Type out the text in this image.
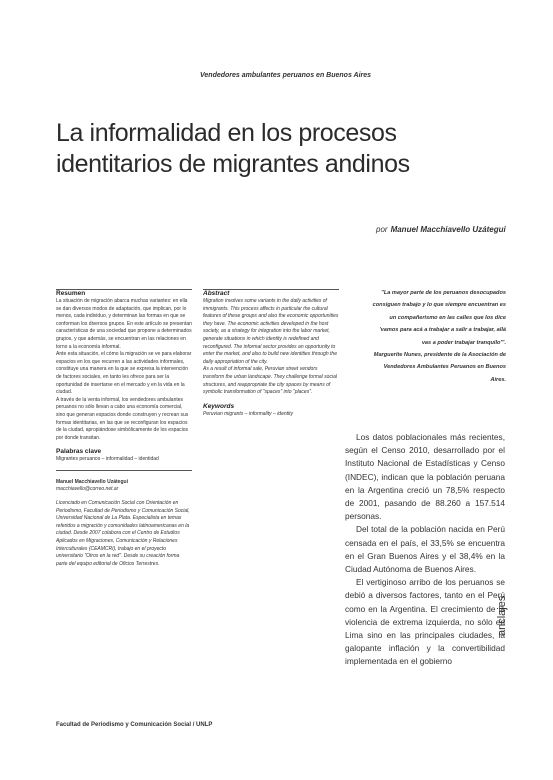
Vendedores ambulantes peruanos en Buenos Aires
La informalidad en los procesos identitarios de migrantes andinos
por Manuel Macchiavello Uzátegui
Resumen
La situación de migración abarca muchas variantes: en ella se dan diversos modos de adaptación, que implican, por lo menos, cada individuo, y determinan las formas en que se conforman los diversos grupos. En este artículo se presentan características de una sociedad que propone a determinados grupos, y que además, se encuentran en las relaciones en torno a la economía informal.
Ante esta situación, el cómo la migración se ve para elaborar espacios en los que recurren a las actividades informales, constituye una manera en la que se expresa la intervención de factores sociales, en tanto les ofrece para ser la oportunidad de insertarse en el mercado y en la vida en la ciudad.
A través de la venta informal, los vendedores ambulantes peruanos no sólo llevan a cabo una economía comercial, sino que generan espacios donde construyen y recrean sus formas identitarias, en las que se reconfiguran los espacios de la ciudad, apropiándose simbólicamente de los espacios por donde transitan.
Palabras clave
Migrantes peruanos – informalidad – identidad
Manuel Macchiavello Uzátegui
macchiavello@correo.net.ar
Licenciado en Comunicación Social con Orientación en Periodismo, Facultad de Periodismo y Comunicación Social, Universidad Nacional de La Plata. Especialista en temas referidos a migración y comunidades latinoamericanas en la ciudad. Desde 2007 colabora con el Centro de Estudios Aplicados en Migraciones, Comunicación y Relaciones Interculturales (CEAMCRI), trabajo en el proyecto universitario "Otros en la red". Desde su creación forma parte del equipo editorial de Oficios Terrestres.
Abstract
Migration involves some variants in the daily activities of immigrants. This process affects in particular the cultural features of these groups and also the economic opportunities they have. The economic activities developed in the host society, as a strategy for integration into the labor market, generate situations in which identity is redefined and reconfigured. The informal sector provides an opportunity to enter the market, and also to build new identities through the daily appropriation of the city.
As a result of informal sale, Peruvian street vendors transform the urban landscape. They challenge formal social structures, and reappropriate the city spaces by means of symbolic transformation of "spaces" into "places".
Keywords
Peruvian migrants – informality – identity
"La mayor parte de los peruanos desocupados consiguen trabajo y lo que siempre encuentran es un compañerismo en las calles que los dice 'vamos para acá a trabajar a salir a trabajar, allá vas a poder trabajar tranquilo'".
Marguerite Nunes, presidente de la Asociación de Vendedores Ambulantes Peruanos en Buenos Aires.

Los datos poblacionales más recientes, según el Censo 2010, desarrollado por el Instituto Nacional de Estadísticas y Censo (INDEC), indican que la población peruana en la Argentina creció un 78,5% respecto de 2001, pasando de 88.260 a 157.514 personas.

Del total de la población nacida en Perú censada en el país, el 33,5% se encuentra en el Gran Buenos Aires y el 38,4% en la Ciudad Autónoma de Buenos Aires.

El vertiginoso arribo de los peruanos se debió a diversos factores, tanto en el Perú como en la Argentina. El crecimiento de la violencia de extrema izquierda, no sólo en Lima sino en las principales ciudades, la galopante inflación y la convertibilidad implementada en el gobierno

anclajes
Facultad de Periodismo y Comunicación Social / UNLP
